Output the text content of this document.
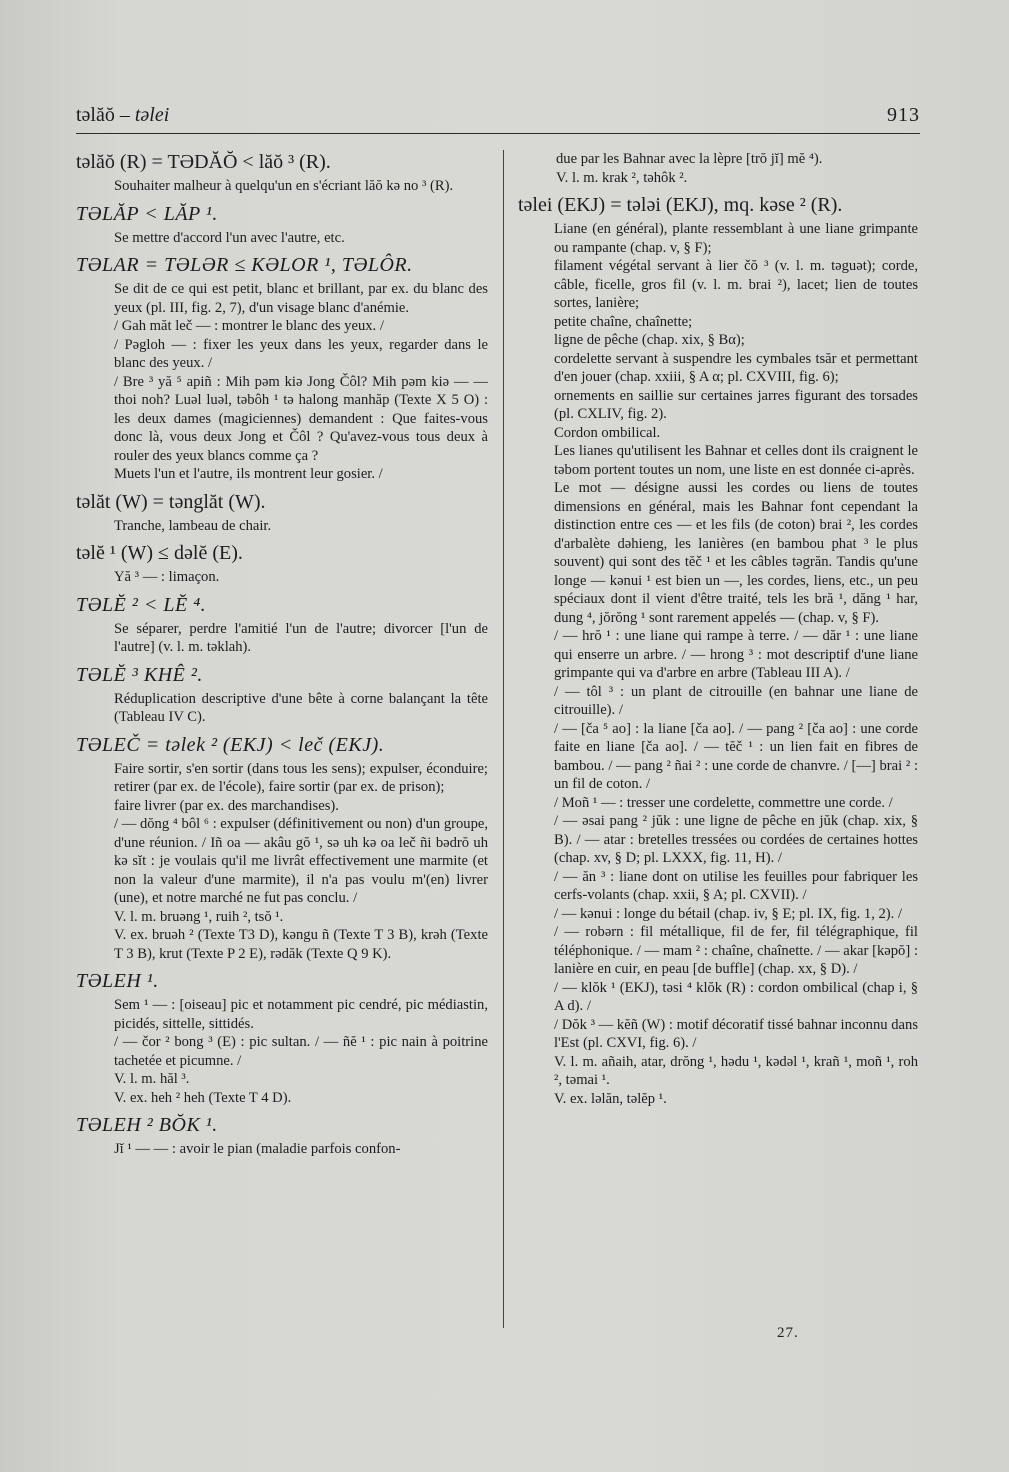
təlăŏ – təlei	913
təlăŏ (R) = TƏDĂŎ < lăŏ ³ (R).

Souhaiter malheur à quelqu'un en s'écriant lăŏ kə no ³ (R).

TƏLĂP < LĂP ¹.

Se mettre d'accord l'un avec l'autre, etc.

TƏLAR = TƏLƏR ≤ KƏLOR ¹, TƏLÔR.

Se dit de ce qui est petit, blanc et brillant, par ex. du blanc des yeux (pl. III, fig. 2, 7), d'un visage blanc d'anémie.

/ Gah măt leč — : montrer le blanc des yeux. /

/ Pəgloh — : fixer les yeux dans les yeux, regarder dans le blanc des yeux. /

/ Bre ³ yă ⁵ apiñ : Mih pəm kiə Jong Čôl? Mih pəm kiə — — thoi noh? Luəl luəl, təbôh ¹ tə halong manhăp (Texte X 5 O) : les deux dames (magiciennes) demandent : Que faites-vous donc là, vous deux Jong et Čôl ? Qu'avez-vous tous deux à rouler des yeux blancs comme ça ?

Muets l'un et l'autre, ils montrent leur gosier. /

təlăt (W) = tənglăt (W).

Tranche, lambeau de chair.

təlĕ ¹ (W) ≤ dəlĕ (E).

Yă ³ — : limaçon.

TƏLĔ ² < LĔ ⁴.

Se séparer, perdre l'amitié l'un de l'autre; divorcer [l'un de l'autre] (v. l. m. təklah).

TƏLĔ ³ KHÊ ².

Réduplication descriptive d'une bête à corne balançant la tête (Tableau IV C).

TƏLEČ = təlek ² (EKJ) < leč (EKJ).

Faire sortir, s'en sortir (dans tous les sens); expulser, éconduire; retirer (par ex. de l'école), faire sortir (par ex. de prison);

faire livrer (par ex. des marchandises).

/ — dŏng ⁴ bôl ⁶ : expulser (définitivement ou non) d'un groupe, d'une réunion. / Iñ oa — akâu gŏ ¹, sə uh kə oa leč ñi bədrŏ uh kə sĭt : je voulais qu'il me livrât effectivement une marmite (et non la valeur d'une marmite), il n'a pas voulu m'(en) livrer (une), et notre marché ne fut pas conclu. /

V. l. m. bruəng ¹, ruih ², tsŏ ¹.

V. ex. bruəh ² (Texte T3 D), kəngu ñ (Texte T 3 B), krəh (Texte T 3 B), krut (Texte P 2 E), rədăk (Texte Q 9 K).

TƏLEH ¹.

Sem ¹ — : [oiseau] pic et notamment pic cendré, pic médiastin, picidés, sittelle, sittidés.

/ — čor ² bong ³ (E) : pic sultan. / — ñĕ ¹ : pic nain à poitrine tachetée et picumne. /

V. l. m. hăl ³.

V. ex. heh ² heh (Texte T 4 D).

TƏLEH ² BŎK ¹.

Jĭ ¹ — — : avoir le pian (maladie parfois confon-

due par les Bahnar avec la lèpre [trŏ jĭ] mĕ ⁴).

V. l. m. krak ², təhôk ².

təlei (EKJ) = tələi (EKJ), mq. kəse ² (R).

Liane (en général), plante ressemblant à une liane grimpante ou rampante (chap. v, § F);

filament végétal servant à lier čŏ ³ (v. l. m. təguət); corde, câble, ficelle, gros fil (v. l. m. brai ²), lacet; lien de toutes sortes, lanière;

petite chaîne, chaînette;

ligne de pêche (chap. xix, § Bα);

cordelette servant à suspendre les cymbales tsăr et permettant d'en jouer (chap. xxiii, § A α; pl. CXVIII, fig. 6);

ornements en saillie sur certaines jarres figurant des torsades (pl. CXLIV, fig. 2).

Cordon ombilical.

Les lianes qu'utilisent les Bahnar et celles dont ils craignent le təbom portent toutes un nom, une liste en est donnée ci-après.

Le mot — désigne aussi les cordes ou liens de toutes dimensions en général, mais les Bahnar font cependant la distinction entre ces — et les fils (de coton) brai ², les cordes d'arbalète dəhieng, les lanières (en bambou phat ³ le plus souvent) qui sont des tĕč ¹ et les câbles təgrăn. Tandis qu'une longe — kənui ¹ est bien un —, les cordes, liens, etc., un peu spéciaux dont il vient d'être traité, tels les bră ¹, dăng ¹ har, dung ⁴, jŏrŏng ¹ sont rarement appelés — (chap. v, § F).

/ — hrŏ ¹ : une liane qui rampe à terre. / — dăr ¹ : une liane qui enserre un arbre. / — hrong ³ : mot descriptif d'une liane grimpante qui va d'arbre en arbre (Tableau III A). /

/ — tôl ³ : un plant de citrouille (en bahnar une liane de citrouille). /

/ — [ča ⁵ ao] : la liane [ča ao]. / — pang ² [ča ao] : une corde faite en liane [ča ao]. / — tĕč ¹ : un lien fait en fibres de bambou. / — pang ² ñai ² : une corde de chanvre. / [—] brai ² : un fil de coton. /

/ Moñ ¹ — : tresser une cordelette, commettre une corde. /

/ — əsai pang ² jŭk : une ligne de pêche en jŭk (chap. xix, § B). / — atar : bretelles tressées ou cordées de certaines hottes (chap. xv, § D; pl. LXXX, fig. 11, H). /

/ — ăn ³ : liane dont on utilise les feuilles pour fabriquer les cerfs-volants (chap. xxii, § A; pl. CXVII). /

/ — kənui : longe du bétail (chap. iv, § E; pl. IX, fig. 1, 2). /

/ — robərn : fil métallique, fil de fer, fil télégraphique, fil téléphonique. / — mam ² : chaîne, chaînette. / — akar [kəpŏ] : lanière en cuir, en peau [de buffle] (chap. xx, § D). /

/ — klŏk ¹ (EKJ), təsi ⁴ klŏk (R) : cordon ombilical (chap i, § A d). /

/ Dŏk ³ — kĕñ (W) : motif décoratif tissé bahnar inconnu dans l'Est (pl. CXVI, fig. 6). /

V. l. m. añaih, atar, drŏng ¹, hədu ¹, kədəl ¹, krañ ¹, moñ ¹, roh ², təmai ¹.

V. ex. ləlăn, təlĕp ¹.

27.
